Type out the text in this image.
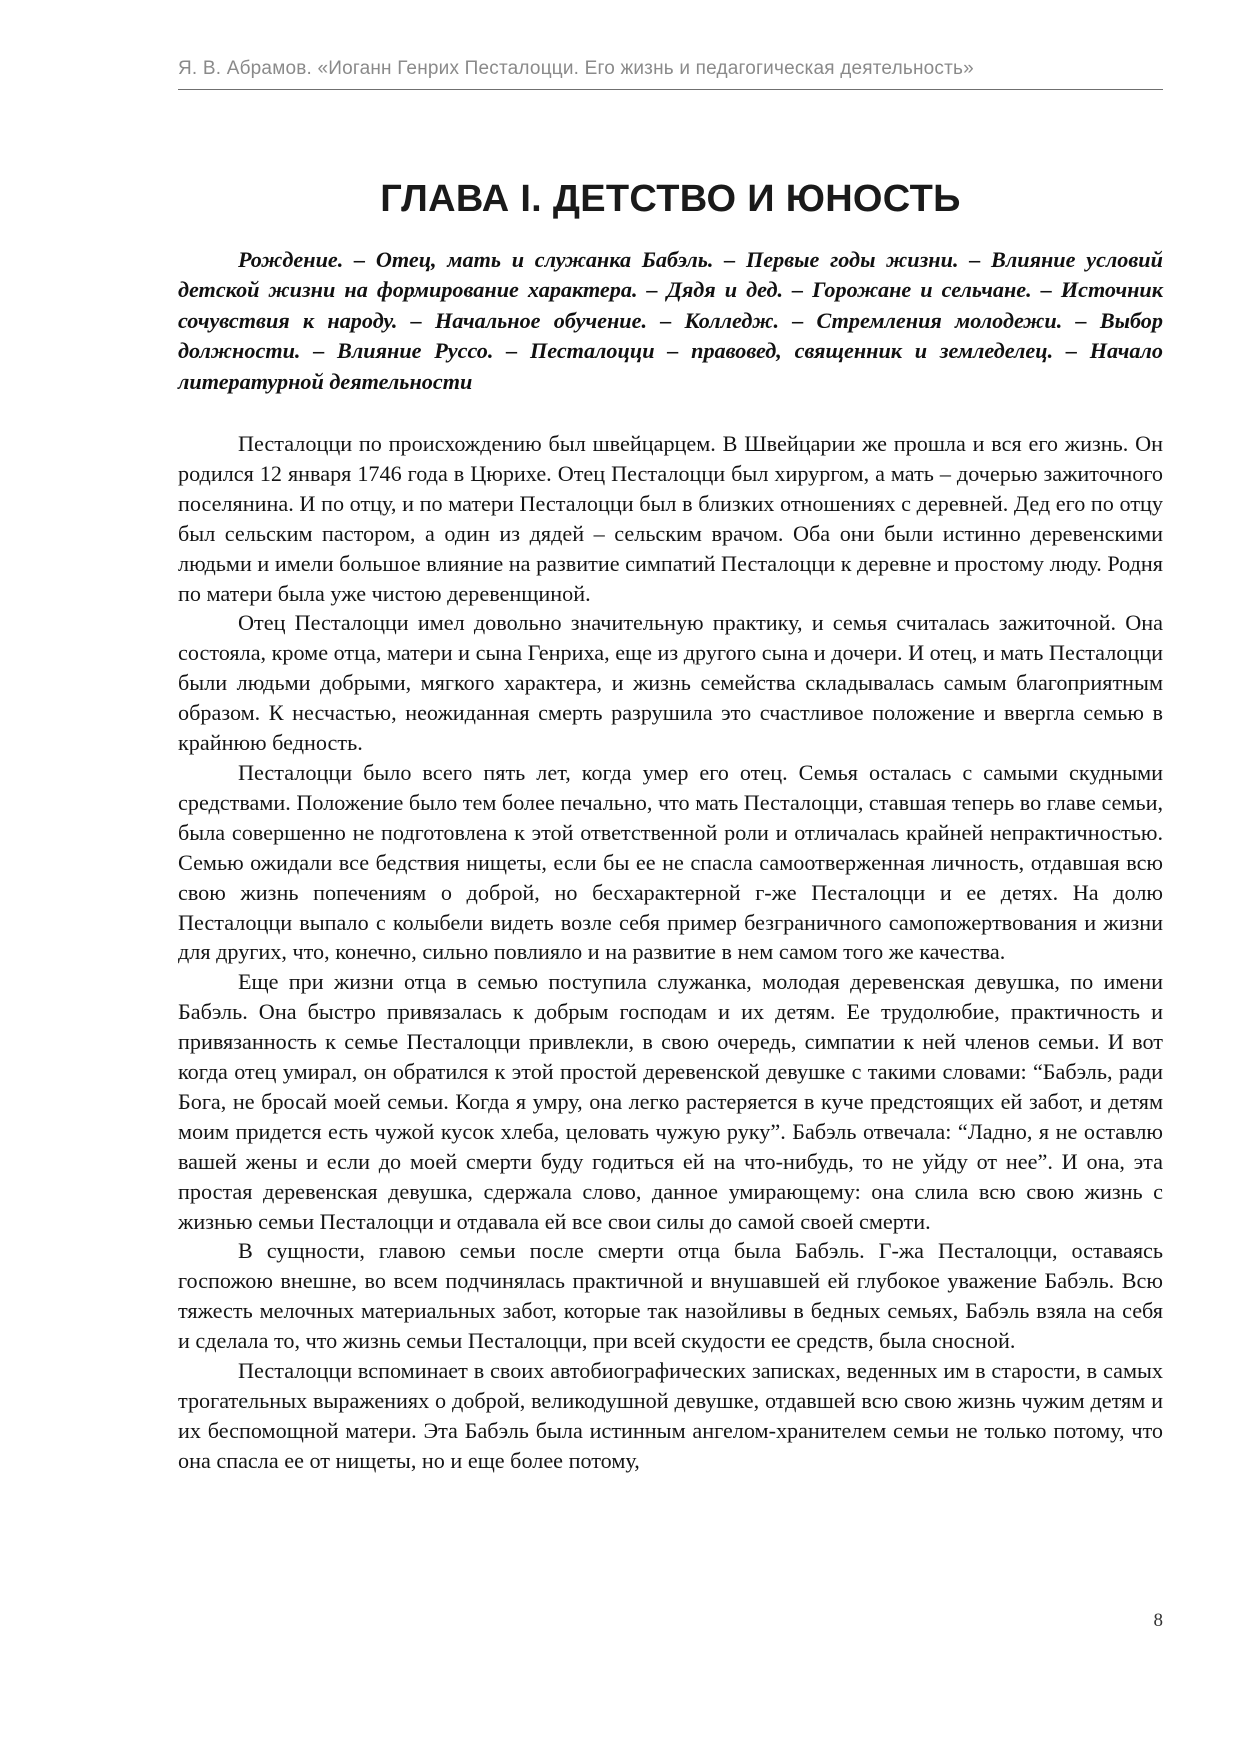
Я. В. Абрамов. «Иоганн Генрих Песталоцци. Его жизнь и педагогическая деятельность»
ГЛАВА I. ДЕТСТВО И ЮНОСТЬ

Рождение. – Отец, мать и служанка Бабэль. – Первые годы жизни. – Влияние условий детской жизни на формирование характера. – Дядя и дед. – Горожане и сельчане. – Источник сочувствия к народу. – Начальное обучение. – Колледж. – Стремления молодежи. – Выбор должности. – Влияние Руссо. – Песталоцци – правовед, священник и земледелец. – Начало литературной деятельности

Песталоцци по происхождению был швейцарцем. В Швейцарии же прошла и вся его жизнь. Он родился 12 января 1746 года в Цюрихе. Отец Песталоцци был хирургом, а мать – дочерью зажиточного поселянина. И по отцу, и по матери Песталоцци был в близких отношениях с деревней. Дед его по отцу был сельским пастором, а один из дядей – сельским врачом. Оба они были истинно деревенскими людьми и имели большое влияние на развитие симпатий Песталоцци к деревне и простому люду. Родня по матери была уже чистою деревенщиной.

Отец Песталоцци имел довольно значительную практику, и семья считалась зажиточной. Она состояла, кроме отца, матери и сына Генриха, еще из другого сына и дочери. И отец, и мать Песталоцци были людьми добрыми, мягкого характера, и жизнь семейства складывалась самым благоприятным образом. К несчастью, неожиданная смерть разрушила это счастливое положение и ввергла семью в крайнюю бедность.

Песталоцци было всего пять лет, когда умер его отец. Семья осталась с самыми скудными средствами. Положение было тем более печально, что мать Песталоцци, ставшая теперь во главе семьи, была совершенно не подготовлена к этой ответственной роли и отличалась крайней непрактичностью. Семью ожидали все бедствия нищеты, если бы ее не спасла самоотверженная личность, отдавшая всю свою жизнь попечениям о доброй, но бесхарактерной г-же Песталоцци и ее детях. На долю Песталоцци выпало с колыбели видеть возле себя пример безграничного самопожертвования и жизни для других, что, конечно, сильно повлияло и на развитие в нем самом того же качества.

Еще при жизни отца в семью поступила служанка, молодая деревенская девушка, по имени Бабэль. Она быстро привязалась к добрым господам и их детям. Ее трудолюбие, практичность и привязанность к семье Песталоцци привлекли, в свою очередь, симпатии к ней членов семьи. И вот когда отец умирал, он обратился к этой простой деревенской девушке с такими словами: “Бабэль, ради Бога, не бросай моей семьи. Когда я умру, она легко растеряется в куче предстоящих ей забот, и детям моим придется есть чужой кусок хлеба, целовать чужую руку”. Бабэль отвечала: “Ладно, я не оставлю вашей жены и если до моей смерти буду годиться ей на что-нибудь, то не уйду от нее”. И она, эта простая деревенская девушка, сдержала слово, данное умирающему: она слила всю свою жизнь с жизнью семьи Песталоцци и отдавала ей все свои силы до самой своей смерти.

В сущности, главою семьи после смерти отца была Бабэль. Г-жа Песталоцци, оставаясь госпожою внешне, во всем подчинялась практичной и внушавшей ей глубокое уважение Бабэль. Всю тяжесть мелочных материальных забот, которые так назойливы в бедных семьях, Бабэль взяла на себя и сделала то, что жизнь семьи Песталоцци, при всей скудости ее средств, была сносной.

Песталоцци вспоминает в своих автобиографических записках, веденных им в старости, в самых трогательных выражениях о доброй, великодушной девушке, отдавшей всю свою жизнь чужим детям и их беспомощной матери. Эта Бабэль была истинным ангелом-хранителем семьи не только потому, что она спасла ее от нищеты, но и еще более потому,

8
